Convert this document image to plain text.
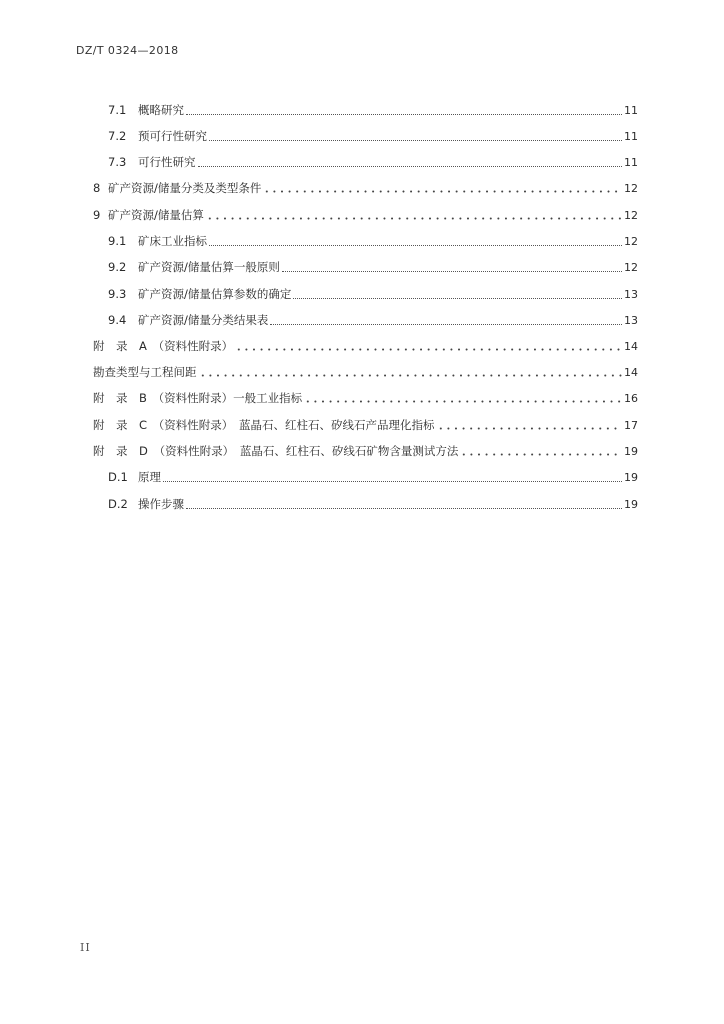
DZ/T 0324—2018
7.1	概略研究	11
7.2	预可行性研究	11
7.3	可行性研究	11
8 矿产资源/储量分类及类型条件	12
9 矿产资源/储量估算	12
9.1	矿床工业指标	12
9.2	矿产资源/储量估算一般原则	12
9.3	矿产资源/储量估算参数的确定	13
9.4	矿产资源/储量分类结果表	13
附　录　A　（资料性附录）	14
勘查类型与工程间距	14
附　录　B　（资料性附录）一般工业指标	16
附　录　C　（资料性附录）　蓝晶石、红柱石、矽线石产品理化指标	17
附　录　D　（资料性附录）　蓝晶石、红柱石、矽线石矿物含量测试方法	19
D.1 原理	19
D.2 操作步骤	19
II
